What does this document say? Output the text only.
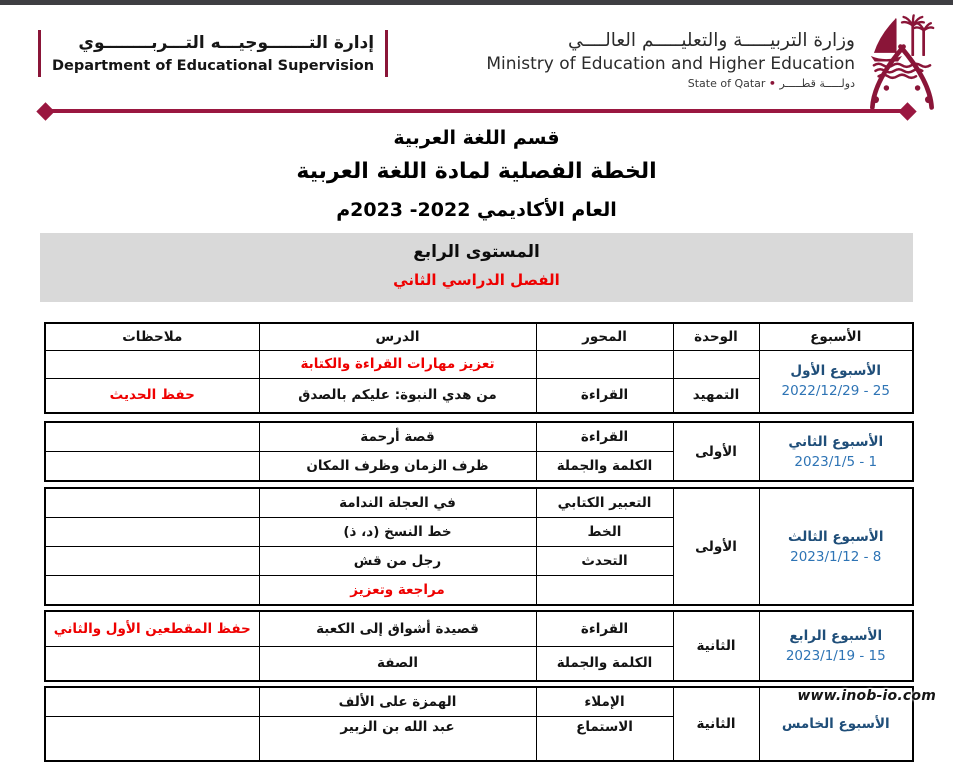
إدارة التـــــــوجيـــه التـــربــــــــوي
Department of Educational Supervision
وزارة التربيـــــة والتعليـــــم العالــــي
Ministry of Education and Higher Education
دولـــــة قطـــــر • State of Qatar
قسم اللغة العربية
الخطة الفصلية لمادة اللغة العربية
العام الأكاديمي 2022- 2023م
المستوى الرابع
الفصل الدراسي الثاني
الأسبوع	الوحدة	المحور	الدرس	ملاحظات

الأسبوع الأول
2022/12/29 - 25			تعزيز مهارات القراءة والكتابة	
	التمهيد	القراءة	من هدي النبوة: عليكم بالصدق	حفظ الحديث
الأسبوع الثاني
2023/1/5 - 1	الأولى	القراءة	قصة أرحمة	
		الكلمة والجملة	ظرف الزمان وظرف المكان	
الأسبوع الثالث
2023/1/12 - 8	الأولى	التعبير الكتابي	في العجلة الندامة	
		الخط	خط النسخ (د، ذ)	
		التحدث	رجل من قش	
			مراجعة وتعزيز	
الأسبوع الرابع
2023/1/19 - 15	الثانية	القراءة	قصيدة أشواق إلى الكعبة	حفظ المقطعين الأول والثاني
		الكلمة والجملة	الصفة	
الأسبوع الخامس	الثانية	الإملاء	الهمزة على الألف	
		الاستماع	عبد الله بن الزبير	
www.inob-io.com
